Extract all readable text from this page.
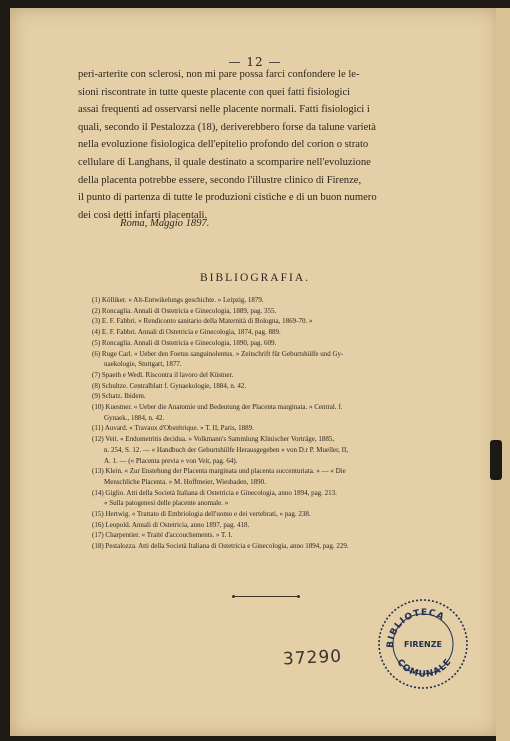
— 12 —
peri-arterite con sclerosi, non mi pare possa farci confondere le le-
sioni riscontrate in tutte queste placente con quei fatti fisiologici
assai frequenti ad osservarsi nelle placente normali. Fatti fisiologici i
quali, secondo il Pestalozza (18), deriverebbero forse da talune varietà
nella evoluzione fisiologica dell'epitelio profondo del corion o strato
cellulare di Langhans, il quale destinato a scomparire nell'evoluzione
della placenta potrebbe essere, secondo l'illustre clinico di Firenze,
il punto di partenza di tutte le produzioni cistiche e di un buon numero
dei così detti infarti placentali.
Roma, Maggio 1897.
BIBLIOGRAFIA.
(1) Kölliker. « Alt-Entwikelungs geschichte. » Leipzig, 1879.
(2) Roncaglia. Annali di Ostetricia e Ginecologia, 1889, pag. 355.
(3) E. F. Fabbri. « Rendiconto sanitario della Maternità di Bologna, 1869-70. »
(4) E. F. Fabbri. Annali di Ostetricia e Ginecologia, 1874, pag. 889.
(5) Roncaglia. Annali di Ostetricia e Ginecologia, 1890, pag. 609.
(6) Ruge Carl. « Ueber den Foetus sanguinolentus. » Zeitschrift für Geburtshülfe und Gy-
naekologie, Stuttgart, 1877.
(7) Spaeth e Wedl. Riscontra il lavoro del Küstner.
(8) Schultze. Centralblatt f. Gynaekologie, 1884, n. 42.
(9) Schatz. Ibidem.
(10) Kuestner. « Ueber die Anatomie und Bedeutung der Placenta marginata. » Central. f.
Gynaek., 1884, n. 42.
(11) Auvard. « Travaux d'Obstétrique. » T. II, Paris, 1889.
(12) Veit. « Endometritis decidua. » Volkmann's Sammlung Klinischer Vorträge, 1885,
n. 254, S. 12. — « Handbuch der Geburtshülfe Herausgegeben » von D.r P. Mueller, II,
A. 1. — (« Placenta previa » von Veit, pag. 64).
(13) Klein. « Zur Enstehung der Placenta marginata und placenta succenturiata. » — « Die
Menschliche Placenta. » M. Hoffmeier, Wiesbaden, 1890.
(14) Giglio. Atti della Società Italiana di Ostetricia e Ginecologia, anno 1894, pag. 213.
« Sulla patogenesi delle placente anomale. »
(15) Hertwig. « Trattato di Embriologia dell'uomo e dei vertebrati, » pag. 238.
(16) Leopold. Annali di Ostetricia, anno 1897, pag. 418.
(17) Charpentier. « Traité d'accouchements. » T. I.
(18) Pestalozza. Atti della Società Italiana di Ostetricia e Ginecologia, anno 1894, pag. 229.
37290
BIBLIOTECA
COMUNALE
FIRENZE
